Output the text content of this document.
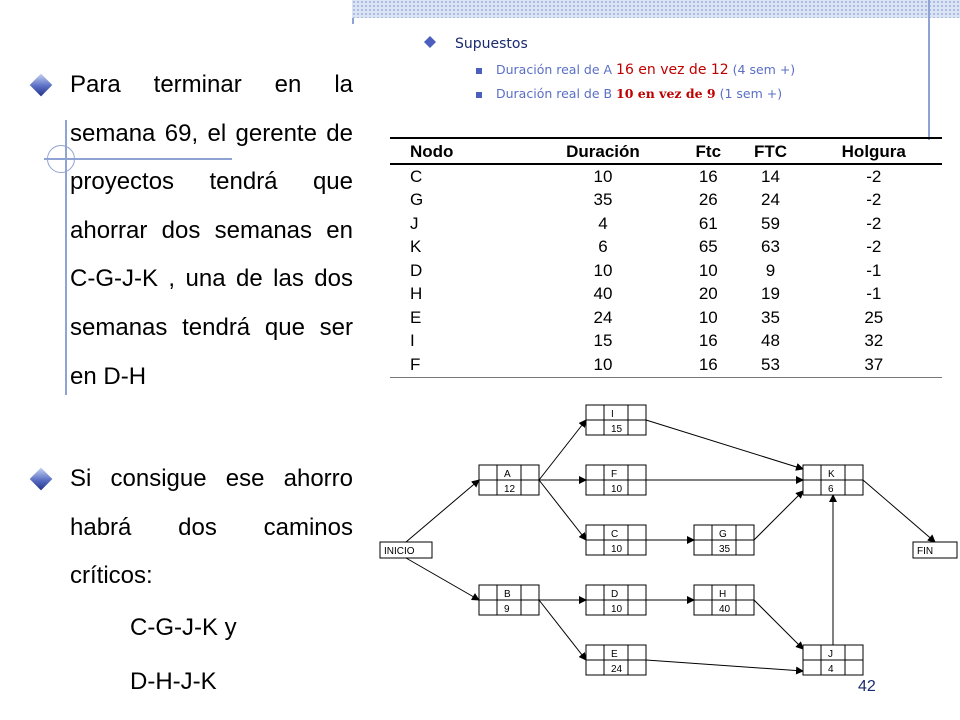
Para terminar en la semana 69, el gerente de proyectos tendrá que ahorrar dos semanas en C-G-J-K , una de las dos semanas tendrá que ser en D-H
Si consigue ese ahorro habrá dos caminos críticos:
C-G-J-K y
D-H-J-K
Supuestos
Duración real de A 16 en vez de 12 (4 sem +)
Duración real de B 10 en vez de 9 (1 sem +)
Nodo	Duración	Ftc	FTC	Holgura
C	10	16	14	-2
G	35	26	24	-2
J	4	61	59	-2
K	6	65	63	-2
D	10	10	9	-1
H	40	20	19	-1
E	24	10	35	25
I	15	16	48	32
F	10	16	53	37
I
15
A
12
F
10
K
6
C
10
G
35
B
9
D
10
H
40
E
24
J
4
INICIO	FIN
42
